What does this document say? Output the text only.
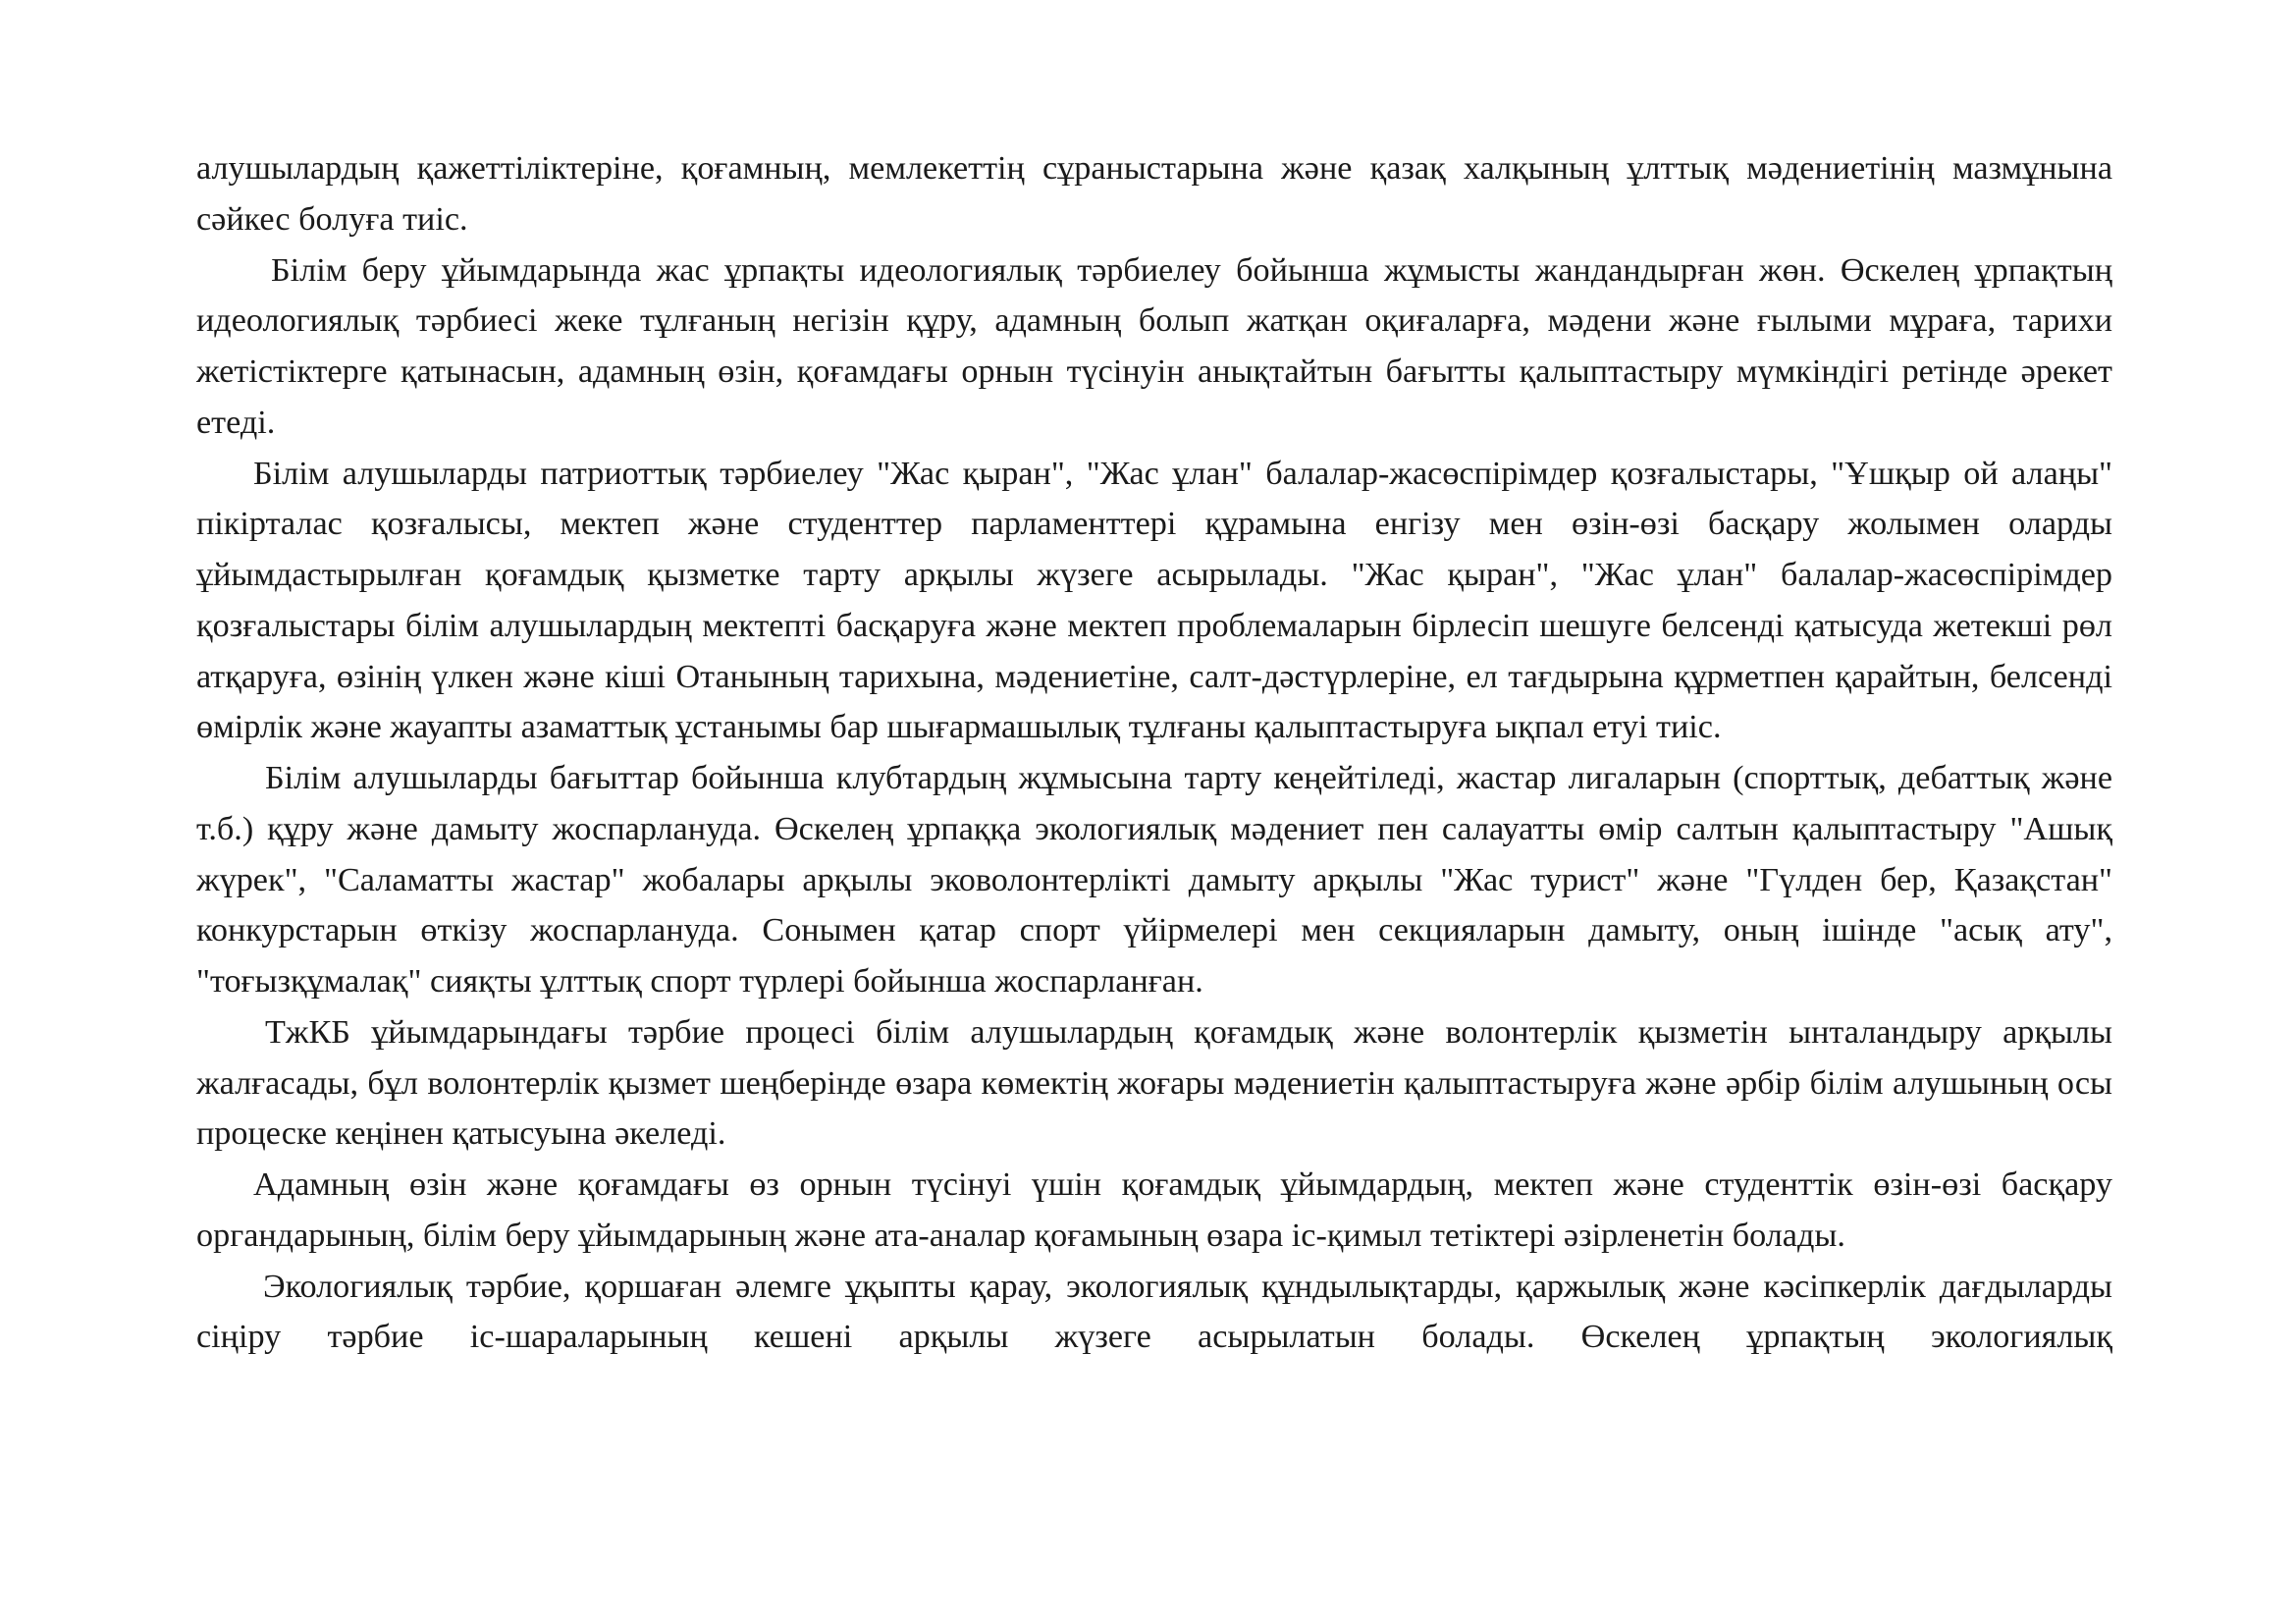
алушылардың қажеттіліктеріне, қоғамның, мемлекеттің сұраныстарына және қазақ халқының ұлттық мәдениетінің мазмұнына сәйкес болуға тиіс.

Білім беру ұйымдарында жас ұрпақты идеологиялық тәрбиелеу бойынша жұмысты жандандырған жөн. Өскелең ұрпақтың идеологиялық тәрбиесі жеке тұлғаның негізін құру, адамның болып жатқан оқиғаларға, мәдени және ғылыми мұраға, тарихи жетістіктерге қатынасын, адамның өзін, қоғамдағы орнын түсінуін анықтайтын бағытты қалыптастыру мүмкіндігі ретінде әрекет етеді.

Білім алушыларды патриоттық тәрбиелеу "Жас қыран", "Жас ұлан" балалар-жасөспірімдер қозғалыстары, "Ұшқыр ой алаңы" пікірталас қозғалысы, мектеп және студенттер парламенттері құрамына енгізу мен өзін-өзі басқару жолымен оларды ұйымдастырылған қоғамдық қызметке тарту арқылы жүзеге асырылады. "Жас қыран", "Жас ұлан" балалар-жасөспірімдер қозғалыстары білім алушылардың мектепті басқаруға және мектеп проблемаларын бірлесіп шешуге белсенді қатысуда жетекші рөл атқаруға, өзінің үлкен және кіші Отанының тарихына, мәдениетіне, салт-дәстүрлеріне, ел тағдырына құрметпен қарайтын, белсенді өмірлік және жауапты азаматтық ұстанымы бар шығармашылық тұлғаны қалыптастыруға ықпал етуі тиіс.

Білім алушыларды бағыттар бойынша клубтардың жұмысына тарту кеңейтіледі, жастар лигаларын (спорттық, дебаттық және т.б.) құру және дамыту жоспарлануда. Өскелең ұрпаққа экологиялық мәдениет пен салауатты өмір салтын қалыптастыру "Ашық жүрек", "Саламатты жастар" жобалары арқылы эковолонтерлікті дамыту арқылы "Жас турист" және "Гүлден бер, Қазақстан" конкурстарын өткізу жоспарлануда. Сонымен қатар спорт үйірмелері мен секцияларын дамыту, оның ішінде "асық ату", "тоғызқұмалақ" сияқты ұлттық спорт түрлері бойынша жоспарланған.

ТжКБ ұйымдарындағы тәрбие процесі білім алушылардың қоғамдық және волонтерлік қызметін ынталандыру арқылы жалғасады, бұл волонтерлік қызмет шеңберінде өзара көмектің жоғары мәдениетін қалыптастыруға және әрбір білім алушының осы процеске кеңінен қатысуына әкеледі.

Адамның өзін және қоғамдағы өз орнын түсінуі үшін қоғамдық ұйымдардың, мектеп және студенттік өзін-өзі басқару органдарының, білім беру ұйымдарының және ата-аналар қоғамының өзара іс-қимыл тетіктері әзірленетін болады.

Экологиялық тәрбие, қоршаған әлемге ұқыпты қарау, экологиялық құндылықтарды, қаржылық және кәсіпкерлік дағдыларды сіңіру тәрбие іс-шараларының кешені арқылы жүзеге асырылатын болады. Өскелең ұрпақтың экологиялық
